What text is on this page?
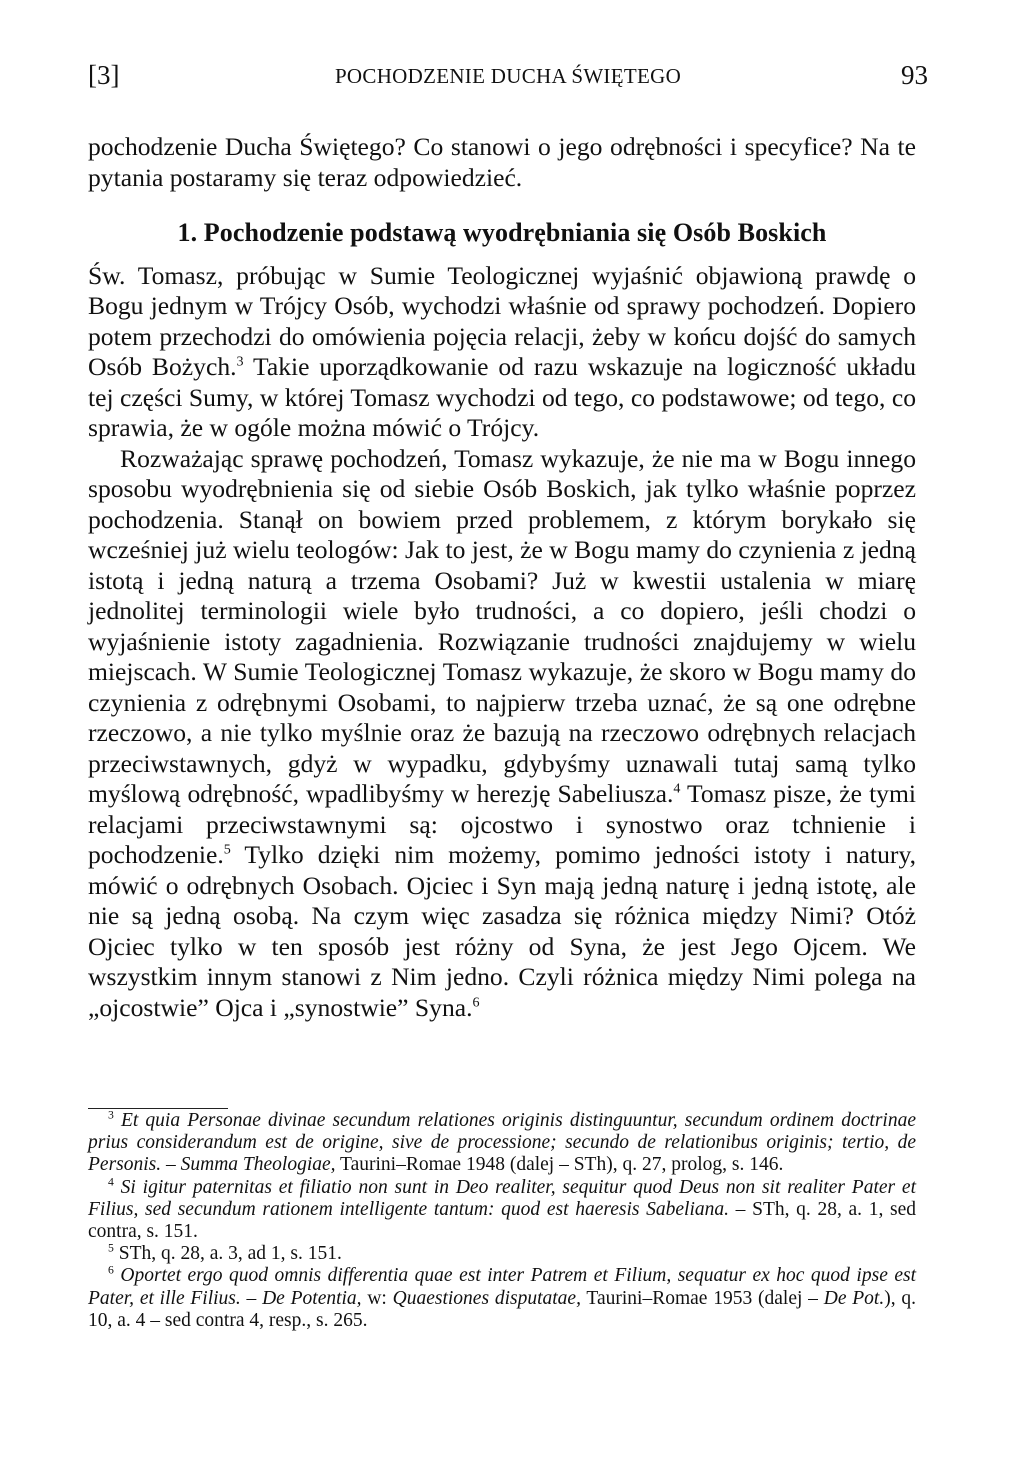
[3]	POCHODZENIE DUCHA ŚWIĘTEGO	93

pochodzenie Ducha Świętego? Co stanowi o jego odrębności i specyfice? Na te pytania postaramy się teraz odpowiedzieć.

1. Pochodzenie podstawą wyodrębniania się Osób Boskich

Św. Tomasz, próbując w Sumie Teologicznej wyjaśnić objawioną prawdę o Bogu jednym w Trójcy Osób, wychodzi właśnie od sprawy pochodzeń. Dopiero potem przechodzi do omówienia pojęcia relacji, żeby w końcu dojść do samych Osób Bożych.$^3$ Takie uporządkowanie od razu wskazuje na logiczność układu tej części Sumy, w której Tomasz wychodzi od tego, co podstawowe; od tego, co sprawia, że w ogóle można mówić o Trójcy.

Rozważając sprawę pochodzeń, Tomasz wykazuje, że nie ma w Bogu innego sposobu wyodrębnienia się od siebie Osób Boskich, jak tylko właśnie poprzez pochodzenia. Stanął on bowiem przed problemem, z którym borykało się wcześniej już wielu teologów: Jak to jest, że w Bogu mamy do czynienia z jedną istotą i jedną naturą a trzema Osobami? Już w kwestii ustalenia w miarę jednolitej terminologii wiele było trudności, a co dopiero, jeśli chodzi o wyjaśnienie istoty zagadnienia. Rozwiązanie trudności znajdujemy w wielu miejscach. W Sumie Teologicznej Tomasz wykazuje, że skoro w Bogu mamy do czynienia z odrębnymi Osobami, to najpierw trzeba uznać, że są one odrębne rzeczowo, a nie tylko myślnie oraz że bazują na rzeczowo odrębnych relacjach przeciwstawnych, gdyż w wypadku, gdybyśmy uznawali tutaj samą tylko myślową odrębność, wpadlibyśmy w herezję Sabeliusza.$^4$ Tomasz pisze, że tymi relacjami przeciwstawnymi są: ojcostwo i synostwo oraz tchnienie i pochodzenie.$^5$ Tylko dzięki nim możemy, pomimo jedności istoty i natury, mówić o odrębnych Osobach. Ojciec i Syn mają jedną naturę i jedną istotę, ale nie są jedną osobą. Na czym więc zasadza się różnica między Nimi? Otóż Ojciec tylko w ten sposób jest różny od Syna, że jest Jego Ojcem. We wszystkim innym stanowi z Nim jedno. Czyli różnica między Nimi polega na „ojcostwie” Ojca i „synostwie” Syna.$^6$

$^3$ Et quia Personae divinae secundum relationes originis distinguuntur, secundum ordinem doctrinae prius considerandum est de origine, sive de processione; secundo de relationibus originis; tertio, de Personis. – Summa Theologiae, Taurini–Romae 1948 (dalej – STh), q. 27, prolog, s. 146.

$^4$ Si igitur paternitas et filiatio non sunt in Deo realiter, sequitur quod Deus non sit realiter Pater et Filius, sed secundum rationem intelligente tantum: quod est haeresis Sabeliana. – STh, q. 28, a. 1, sed contra, s. 151.

$^5$ STh, q. 28, a. 3, ad 1, s. 151.

$^6$ Oportet ergo quod omnis differentia quae est inter Patrem et Filium, sequatur ex hoc quod ipse est Pater, et ille Filius. – De Potentia, w: Quaestiones disputatae, Taurini–Romae 1953 (dalej – De Pot.), q. 10, a. 4 – sed contra 4, resp., s. 265.
